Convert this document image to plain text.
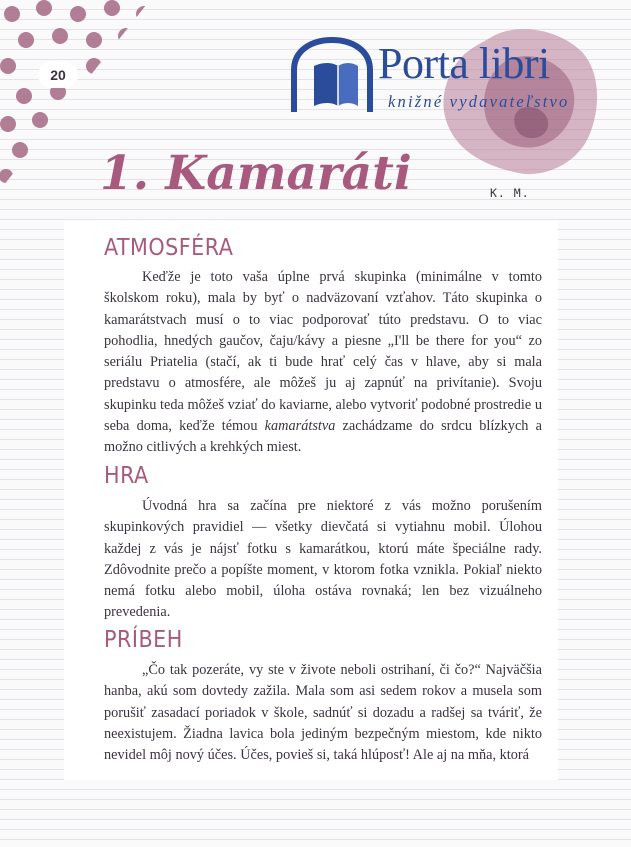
20	Porta libri
knižné vydavateľstvo
1. Kamaráti	K. M.
ATMOSFÉRA

Keďže je toto vaša úplne prvá skupinka (minimálne v tomto školskom roku), mala by byť o nadväzovaní vzťahov. Táto skupinka o kamarátstvach musí o to viac podporovať túto predstavu. O to viac pohodlia, hnedých gaučov, čaju/kávy a piesne „I'll be there for you“ zo seriálu Priatelia (stačí, ak ti bude hrať celý čas v hlave, aby si mala predstavu o atmosfére, ale môžeš ju aj zapnúť na privítanie). Svoju skupinku teda môžeš vziať do kaviarne, alebo vytvoriť podobné prostredie u seba doma, keďže témou kamarátstva zachádzame do srdcu blízkych a možno citlivých a krehkých miest.

HRA

Úvodná hra sa začína pre niektoré z vás možno porušením skupinkových pravidiel — všetky dievčatá si vytiahnu mobil. Úlohou každej z vás je nájsť fotku s kamarátkou, ktorú máte špeciálne rady. Zdôvodnite prečo a popíšte moment, v ktorom fotka vznikla. Pokiaľ niekto nemá fotku alebo mobil, úloha ostáva rovnaká; len bez vizuálneho prevedenia.

PRÍBEH

„Čo tak pozeráte, vy ste v živote neboli ostrihaní, či čo?“ Najväčšia hanba, akú som dovtedy zažila. Mala som asi sedem rokov a musela som porušiť zasadací poriadok v škole, sadnúť si dozadu a radšej sa tváriť, že neexistujem. Žiadna lavica bola jediným bezpečným miestom, kde nikto nevidel môj nový účes. Účes, povieš si, taká hlúposť! Ale aj na mňa, ktorá
